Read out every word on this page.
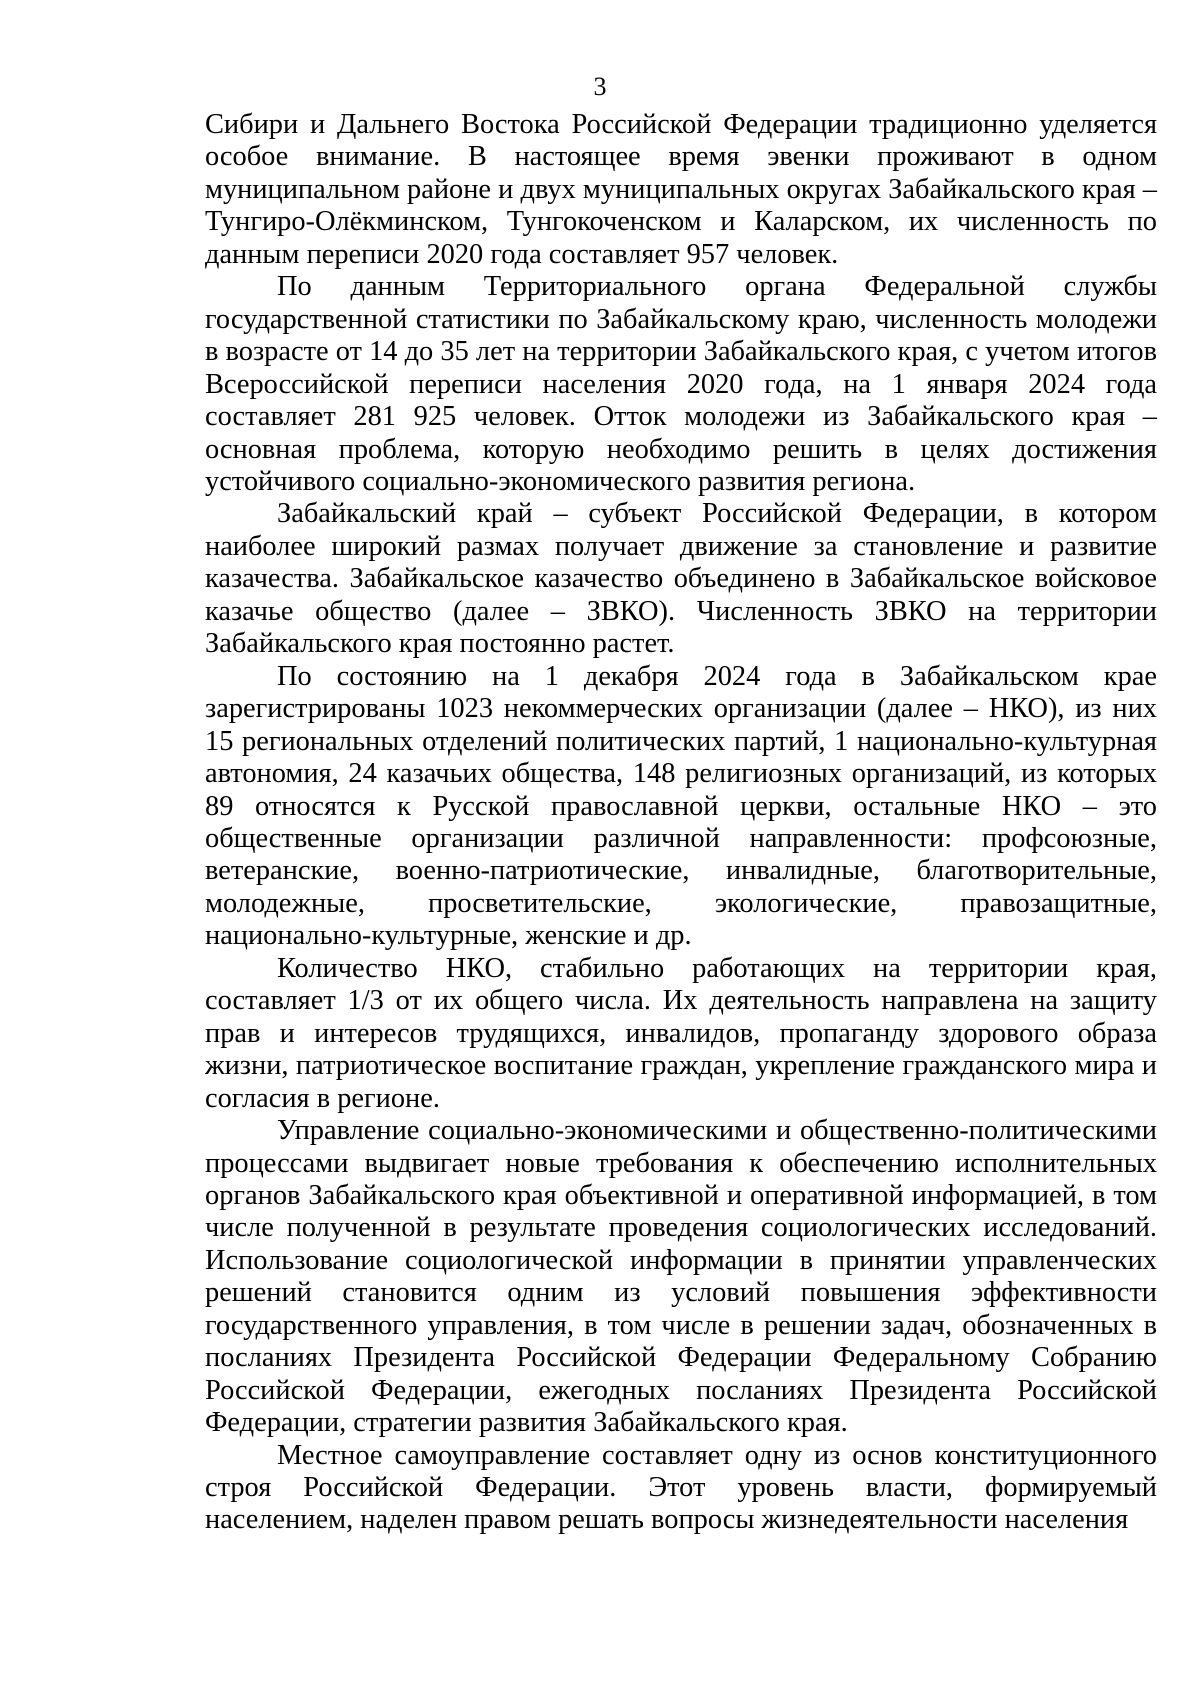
3

Сибири и Дальнего Востока Российской Федерации традиционно уделяется особое внимание. В настоящее время эвенки проживают в одном муниципальном районе и двух муниципальных округах Забайкальского края – Тунгиро-Олёкминском, Тунгокоченском и Каларском, их численность по данным переписи 2020 года составляет 957 человек.

По данным Территориального органа Федеральной службы государственной статистики по Забайкальскому краю, численность молодежи в возрасте от 14 до 35 лет на территории Забайкальского края, с учетом итогов Всероссийской переписи населения 2020 года, на 1 января 2024 года составляет 281 925 человек. Отток молодежи из Забайкальского края – основная проблема, которую необходимо решить в целях достижения устойчивого социально-экономического развития региона.

Забайкальский край – субъект Российской Федерации, в котором наиболее широкий размах получает движение за становление и развитие казачества. Забайкальское казачество объединено в Забайкальское войсковое казачье общество (далее – ЗВКО). Численность ЗВКО на территории Забайкальского края постоянно растет.

По состоянию на 1 декабря 2024 года в Забайкальском крае зарегистрированы 1023 некоммерческих организации (далее – НКО), из них 15 региональных отделений политических партий, 1 национально-культурная автономия, 24 казачьих общества, 148 религиозных организаций, из которых 89 относятся к Русской православной церкви, остальные НКО – это общественные организации различной направленности: профсоюзные, ветеранские, военно-патриотические, инвалидные, благотворительные, молодежные, просветительские, экологические, правозащитные, национально-культурные, женские и др.

Количество НКО, стабильно работающих на территории края, составляет 1/3 от их общего числа. Их деятельность направлена на защиту прав и интересов трудящихся, инвалидов, пропаганду здорового образа жизни, патриотическое воспитание граждан, укрепление гражданского мира и согласия в регионе.

Управление социально-экономическими и общественно-политическими процессами выдвигает новые требования к обеспечению исполнительных органов Забайкальского края объективной и оперативной информацией, в том числе полученной в результате проведения социологических исследований. Использование социологической информации в принятии управленческих решений становится одним из условий повышения эффективности государственного управления, в том числе в решении задач, обозначенных в посланиях Президента Российской Федерации Федеральному Собранию Российской Федерации, ежегодных посланиях Президента Российской Федерации, стратегии развития Забайкальского края.

Местное самоуправление составляет одну из основ конституционного строя Российской Федерации. Этот уровень власти, формируемый населением, наделен правом решать вопросы жизнедеятельности населения
